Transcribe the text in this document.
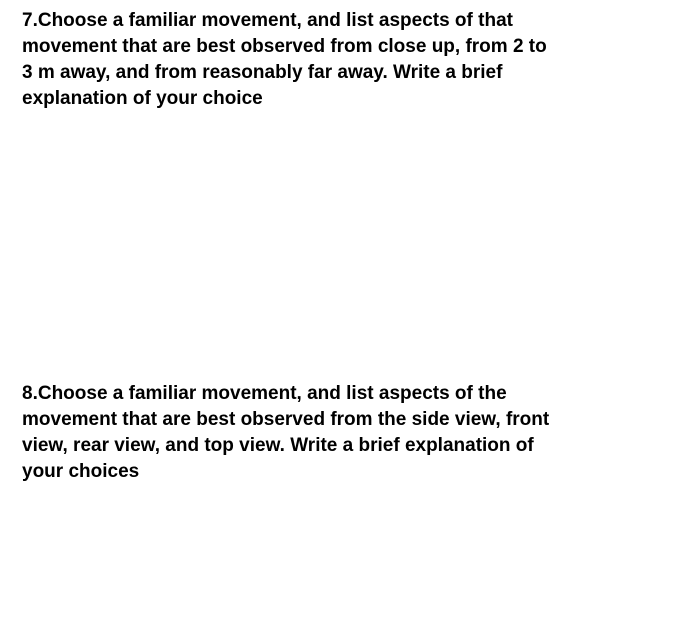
7.Choose a familiar movement, and list aspects of that
movement that are best observed from close up, from 2 to
3 m away, and from reasonably far away. Write a brief
explanation of your choice

8.Choose a familiar movement, and list aspects of the
movement that are best observed from the side view, front
view, rear view, and top view. Write a brief explanation of
your choices
